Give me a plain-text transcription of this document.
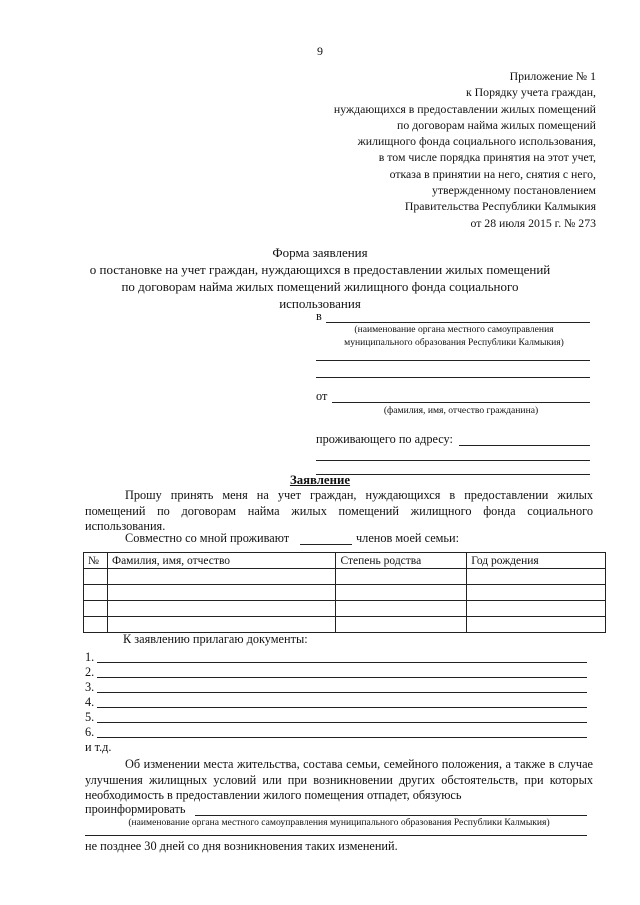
9
Приложение № 1
к Порядку учета граждан,
нуждающихся в предоставлении жилых помещений
по договорам найма жилых помещений
жилищного фонда социального использования,
в том числе порядка принятия на этот учет,
отказа в принятии на него, снятия с него,
утвержденному постановлением
Правительства Республики Калмыкия
от 28 июля 2015 г. № 273
Форма заявления
о постановке на учет граждан, нуждающихся в предоставлении жилых помещений
по договорам найма жилых помещений жилищного фонда социального
использования
в
(наименование органа местного самоуправления
муниципального образования Республики Калмыкия)
от
(фамилия, имя, отчество гражданина)
проживающего по адресу:
Заявление
Прошу принять меня на учет граждан, нуждающихся в предоставлении жилых помещений по договорам найма жилых помещений жилищного фонда социального использования.
Совместно со мной проживают	членов моей семьи:
№	Фамилия, имя, отчество	Степень родства	Год рождения

К заявлению прилагаю документы:
1.
2.
3.
4.
5.
6.
и т.д.
Об изменении места жительства, состава семьи, семейного положения, а также в случае улучшения жилищных условий или при возникновении других обстоятельств, при которых необходимость в предоставлении жилого помещения отпадет, обязуюсь
проинформировать
(наименование органа местного самоуправления муниципального образования Республики Калмыкия)
не позднее 30 дней со дня возникновения таких изменений.
